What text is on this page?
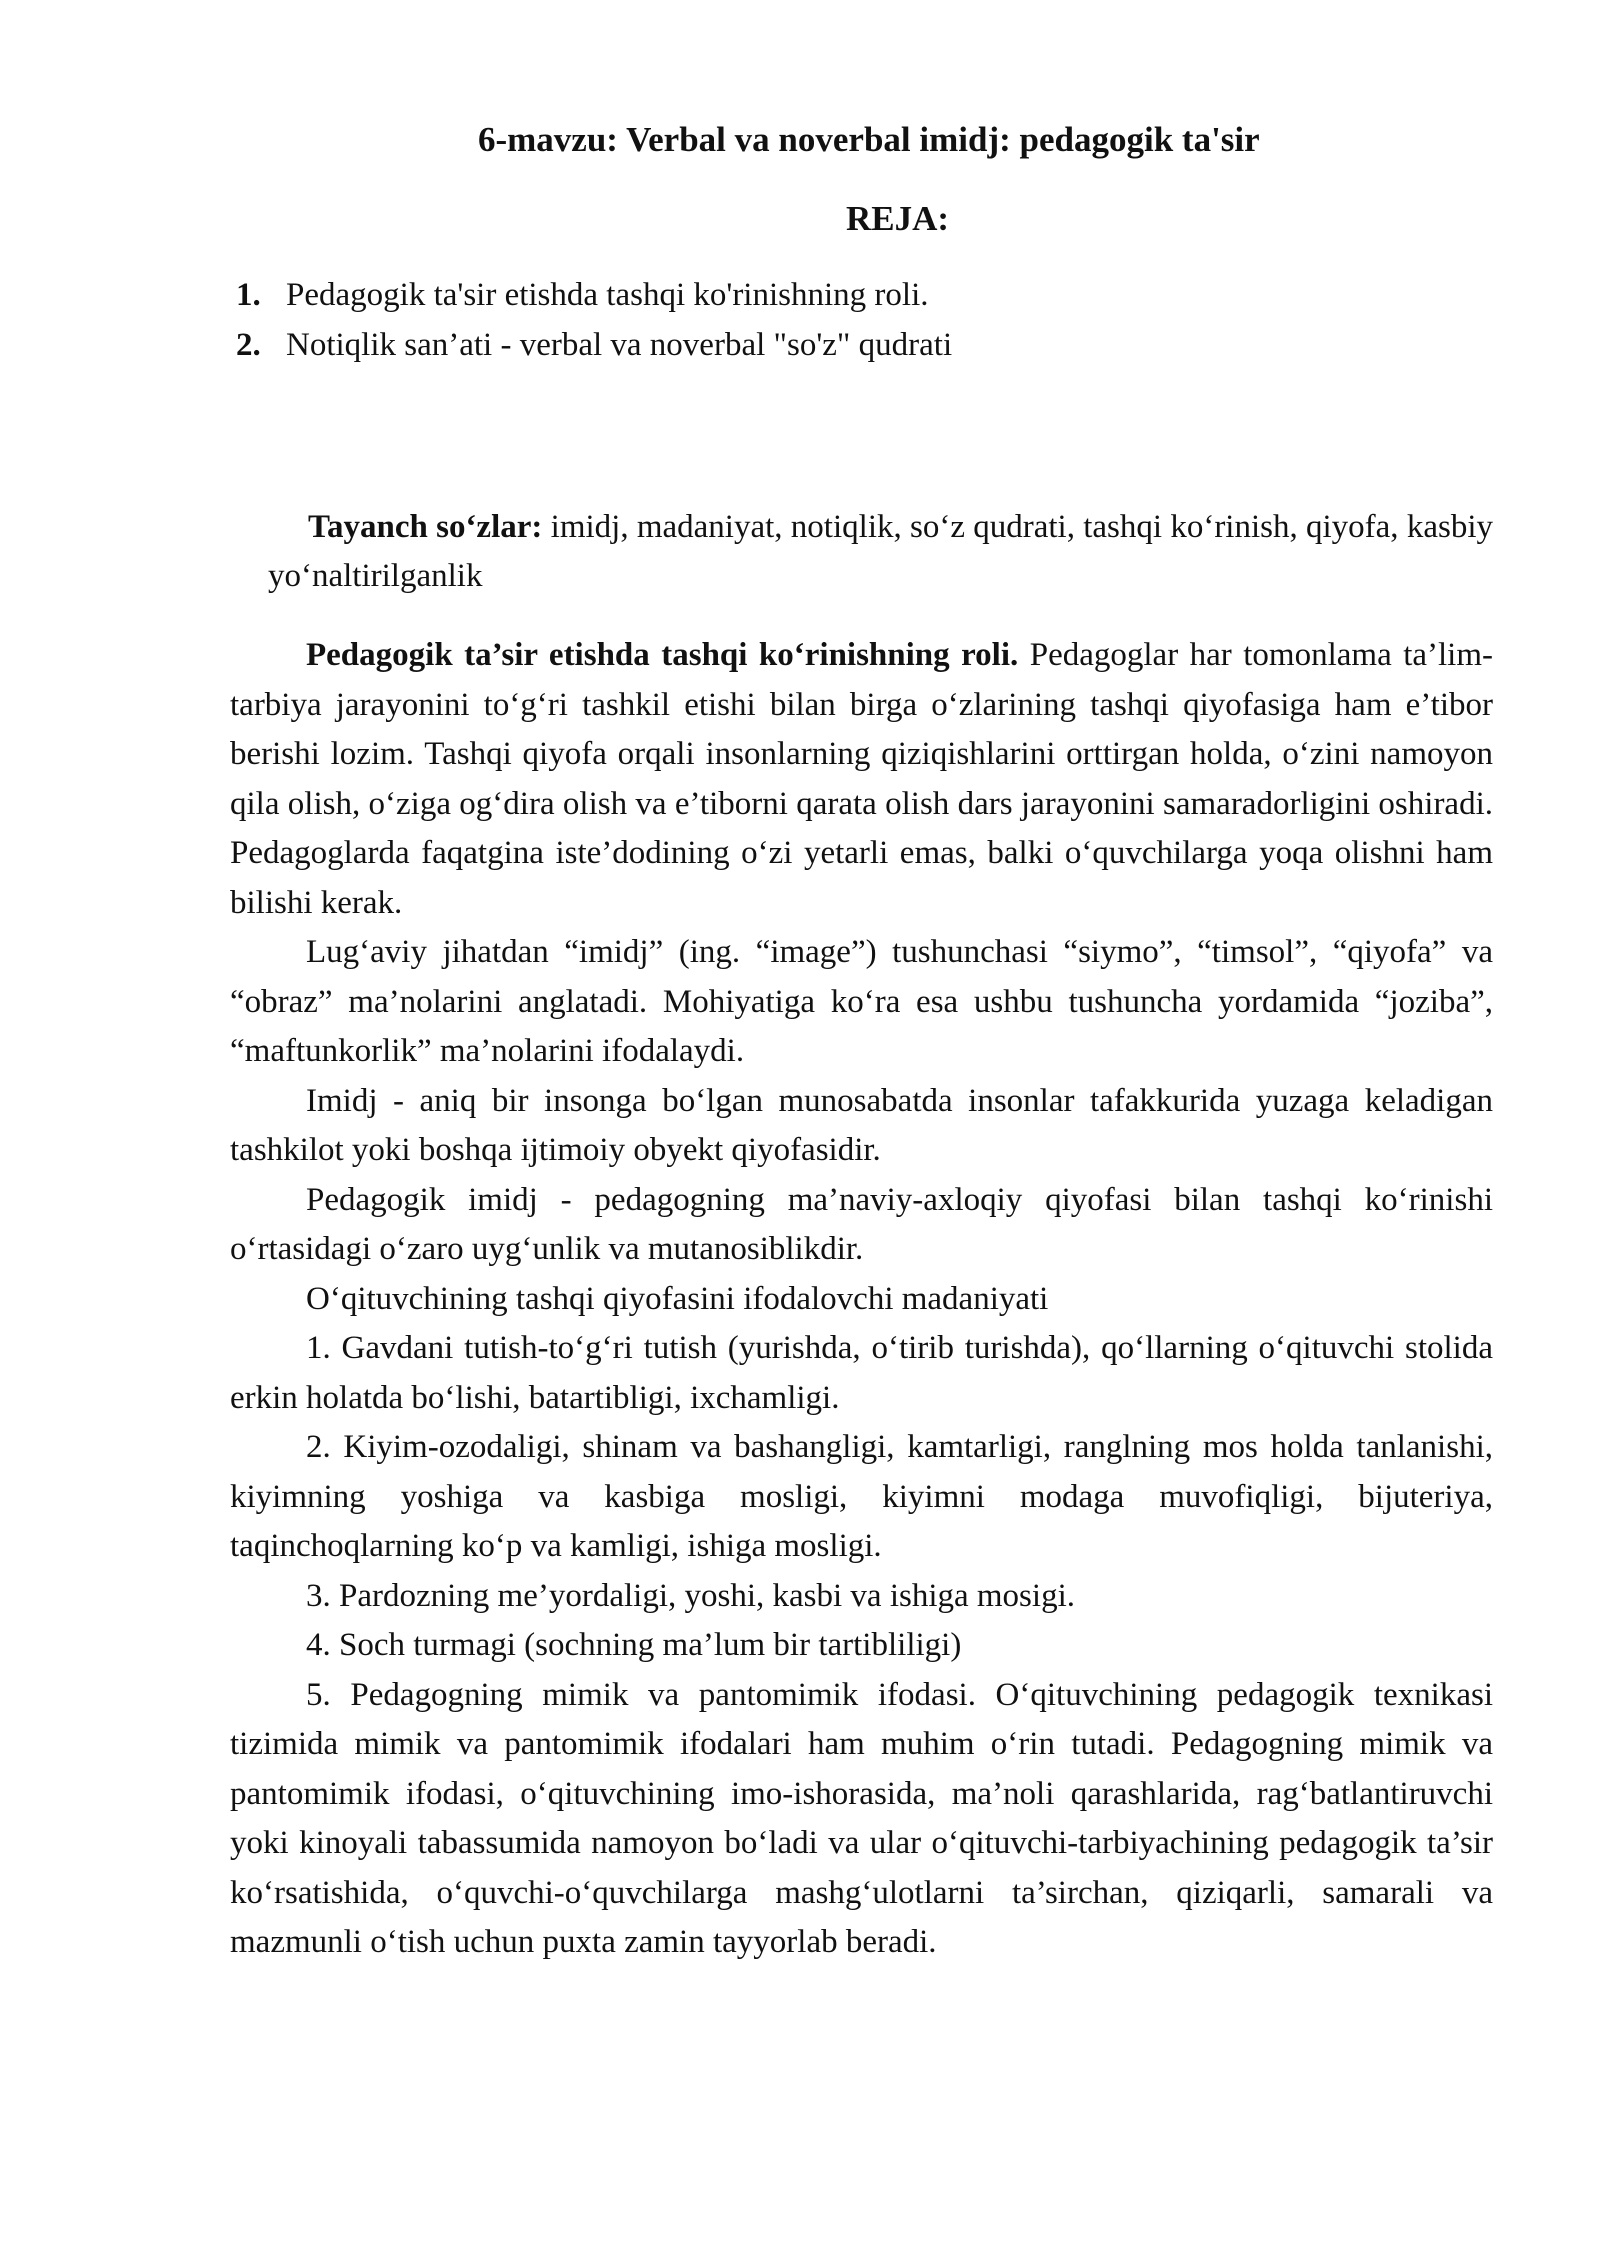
6-mavzu: Verbal va noverbal imidj: pedagogik ta'sir
REJA:
1. Pedagogik ta'sir etishda tashqi ko'rinishning roli.
2. Notiqlik san’ati - verbal va noverbal "so'z" qudrati
Tayanch so‘zlar: imidj, madaniyat, notiqlik, so‘z qudrati, tashqi ko‘rinish, qiyofa, kasbiy yo‘naltirilganlik

Pedagogik ta’sir etishda tashqi ko‘rinishning roli. Pedagoglar har tomonlama ta’lim-tarbiya jarayonini to‘g‘ri tashkil etishi bilan birga o‘zlarining tashqi qiyofasiga ham e’tibor berishi lozim. Tashqi qiyofa orqali insonlarning qiziqishlarini orttirgan holda, o‘zini namoyon qila olish, o‘ziga og‘dira olish va e’tiborni qarata olish dars jarayonini samaradorligini oshiradi. Pedagoglarda faqatgina iste’dodining o‘zi yetarli emas, balki o‘quvchilarga yoqa olishni ham bilishi kerak.

Lug‘aviy jihatdan “imidj” (ing. “image”) tushunchasi “siymo”, “timsol”, “qiyofa” va “obraz” ma’nolarini anglatadi. Mohiyatiga ko‘ra esa ushbu tushuncha yordamida “joziba”, “maftunkorlik” ma’nolarini ifodalaydi.

Imidj - aniq bir insonga bo‘lgan munosabatda insonlar tafakkurida yuzaga keladigan tashkilot yoki boshqa ijtimoiy obyekt qiyofasidir.

Pedagogik imidj - pedagogning ma’naviy-axloqiy qiyofasi bilan tashqi ko‘rinishi o‘rtasidagi o‘zaro uyg‘unlik va mutanosiblikdir.

O‘qituvchining tashqi qiyofasini ifodalovchi madaniyati

1. Gavdani tutish-to‘g‘ri tutish (yurishda, o‘tirib turishda), qo‘llarning o‘qituvchi stolida erkin holatda bo‘lishi, batartibligi, ixchamligi.

2. Kiyim-ozodaligi, shinam va bashangligi, kamtarligi, ranglning mos holda tanlanishi, kiyimning yoshiga va kasbiga mosligi, kiyimni modaga muvofiqligi, bijuteriya, taqinchoqlarning ko‘p va kamligi, ishiga mosligi.

3. Pardozning me’yordaligi, yoshi, kasbi va ishiga mosigi.

4. Soch turmagi (sochning ma’lum bir tartibliligi)

5. Pedagogning mimik va pantomimik ifodasi. O‘qituvchining pedagogik texnikasi tizimida mimik va pantomimik ifodalari ham muhim o‘rin tutadi. Pedagogning mimik va pantomimik ifodasi, o‘qituvchining imo-ishorasida, ma’noli qarashlarida, rag‘batlantiruvchi yoki kinoyali tabassumida namoyon bo‘ladi va ular o‘qituvchi-tarbiyachining pedagogik ta’sir ko‘rsatishida, o‘quvchi-o‘quvchilarga mashg‘ulotlarni ta’sirchan, qiziqarli, samarali va mazmunli o‘tish uchun puxta zamin tayyorlab beradi.
